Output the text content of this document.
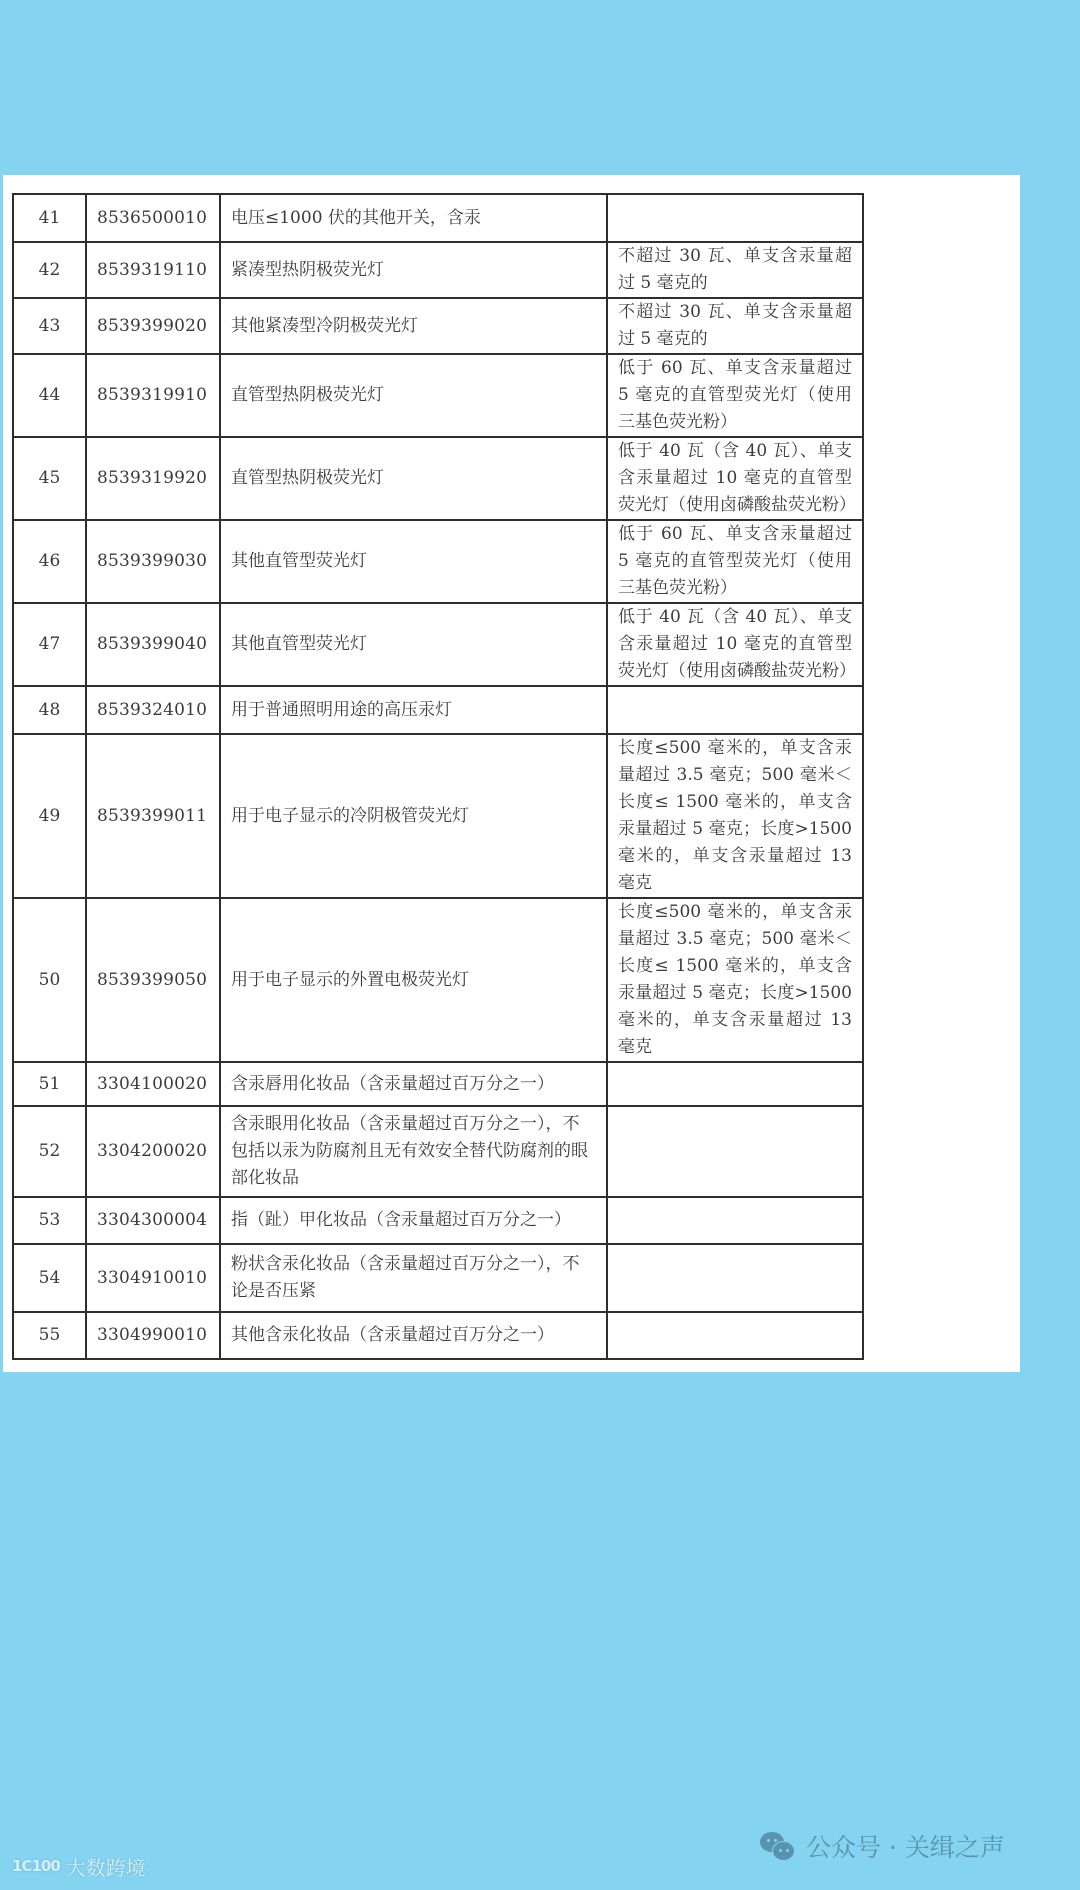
41	8536500010	电压≤1000 伏的其他开关，含汞	
42	8539319110	紧凑型热阴极荧光灯	不超过 30 瓦、单支含汞量超过 5 毫克的
43	8539399020	其他紧凑型冷阴极荧光灯	不超过 30 瓦、单支含汞量超过 5 毫克的
44	8539319910	直管型热阴极荧光灯	低于 60 瓦、单支含汞量超过 5 毫克的直管型荧光灯（使用三基色荧光粉）
45	8539319920	直管型热阴极荧光灯	低于 40 瓦（含 40 瓦）、单支含汞量超过 10 毫克的直管型荧光灯（使用卤磷酸盐荧光粉）
46	8539399030	其他直管型荧光灯	低于 60 瓦、单支含汞量超过 5 毫克的直管型荧光灯（使用三基色荧光粉）
47	8539399040	其他直管型荧光灯	低于 40 瓦（含 40 瓦）、单支含汞量超过 10 毫克的直管型荧光灯（使用卤磷酸盐荧光粉）
48	8539324010	用于普通照明用途的高压汞灯	
49	8539399011	用于电子显示的冷阴极管荧光灯	长度≤500 毫米的，单支含汞量超过 3.5 毫克；500 毫米＜长度≤ 1500 毫米的，单支含汞量超过 5 毫克；长度>1500 毫米的，单支含汞量超过 13 毫克
50	8539399050	用于电子显示的外置电极荧光灯	长度≤500 毫米的，单支含汞量超过 3.5 毫克；500 毫米＜长度≤ 1500 毫米的，单支含汞量超过 5 毫克；长度>1500 毫米的，单支含汞量超过 13 毫克
51	3304100020	含汞唇用化妆品（含汞量超过百万分之一）	
52	3304200020	含汞眼用化妆品（含汞量超过百万分之一），不包括以汞为防腐剂且无有效安全替代防腐剂的眼部化妆品	
53	3304300004	指（趾）甲化妆品（含汞量超过百万分之一）	
54	3304910010	粉状含汞化妆品（含汞量超过百万分之一），不论是否压紧	
55	3304990010	其他含汞化妆品（含汞量超过百万分之一）	
公众号 · 关缉之声
1C100 大数跨境
